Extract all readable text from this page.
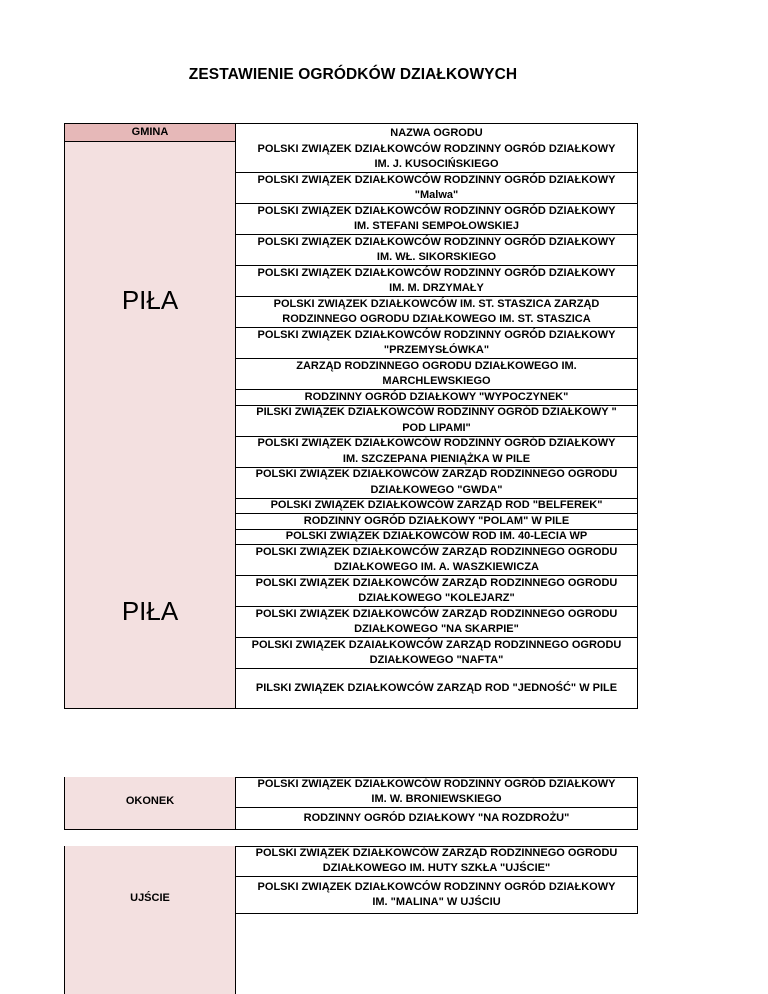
ZESTAWIENIE OGRÓDKÓW DZIAŁKOWYCH
GMINA	NAZWA OGRODU
POLSKI ZWIĄZEK DZIAŁKOWCÓW RODZINNY OGRÓD DZIAŁKOWY
IM. J. KUSOCIŃSKIEGO
POLSKI ZWIĄZEK DZIAŁKOWCÓW RODZINNY OGRÓD DZIAŁKOWY
"Malwa"
POLSKI ZWIĄZEK DZIAŁKOWCÓW RODZINNY OGRÓD DZIAŁKOWY
IM. STEFANI SEMPOŁOWSKIEJ
POLSKI ZWIĄZEK DZIAŁKOWCÓW RODZINNY OGRÓD DZIAŁKOWY
IM. WŁ. SIKORSKIEGO
POLSKI ZWIĄZEK DZIAŁKOWCÓW RODZINNY OGRÓD DZIAŁKOWY
IM. M. DRZYMAŁY
POLSKI ZWIĄZEK DZIAŁKOWCÓW IM. ST. STASZICA ZARZĄD
RODZINNEGO OGRODU DZIAŁKOWEGO IM. ST. STASZICA
POLSKI ZWIĄZEK DZIAŁKOWCÓW RODZINNY OGRÓD DZIAŁKOWY
"PRZEMYSŁÓWKA"
ZARZĄD RODZINNEGO OGRODU DZIAŁKOWEGO IM.
MARCHLEWSKIEGO
RODZINNY OGRÓD DZIAŁKOWY "WYPOCZYNEK"
PILSKI ZWIĄZEK DZIAŁKOWCÓW RODZINNY OGRÓD DZIAŁKOWY "
POD LIPAMI"
POLSKI ZWIĄZEK DZIAŁKOWCÓW RODZINNY OGRÓD DZIAŁKOWY
IM. SZCZEPANA PIENIĄŻKA W PILE
POLSKI ZWIĄZEK DZIAŁKOWCÓW ZARZĄD RODZINNEGO OGRODU
DZIAŁKOWEGO "GWDA"
POLSKI ZWIĄZEK DZIAŁKOWCÓW ZARZĄD ROD "BELFEREK"
RODZINNY OGRÓD DZIAŁKOWY "POLAM" W PILE
POLSKI ZWIĄZEK DZIAŁKOWCÓW ROD IM. 40-LECIA WP
POLSKI ZWIĄZEK DZIAŁKOWCÓW ZARZĄD RODZINNEGO OGRODU
DZIAŁKOWEGO IM. A. WASZKIEWICZA
POLSKI ZWIĄZEK DZIAŁKOWCÓW ZARZĄD RODZINNEGO OGRODU
DZIAŁKOWEGO "KOLEJARZ"
POLSKI ZWIĄZEK DZIAŁKOWCÓW ZARZĄD RODZINNEGO OGRODU
DZIAŁKOWEGO "NA SKARPIE"
POLSKI ZWIĄZEK DZAIAŁKOWCÓW ZARZĄD RODZINNEGO OGRODU
DZIAŁKOWEGO "NAFTA"
PILSKI ZWIĄZEK DZIAŁKOWCÓW ZARZĄD ROD "JEDNOŚĆ" W PILE
PIŁA
PIŁA
POLSKI ZWIĄZEK DZIAŁKOWCÓW RODZINNY OGRÓD DZIAŁKOWY
IM. W. BRONIEWSKIEGO
RODZINNY OGRÓD DZIAŁKOWY "NA ROZDROŻU"
OKONEK
POLSKI ZWIĄZEK DZIAŁKOWCÓW ZARZĄD RODZINNEGO OGRODU
DZIAŁKOWEGO IM. HUTY SZKŁA "UJŚCIE"
POLSKI ZWIĄZEK DZIAŁKOWCÓW RODZINNY OGRÓD DZIAŁKOWY
IM. "MALINA" W UJŚCIU
UJŚCIE
